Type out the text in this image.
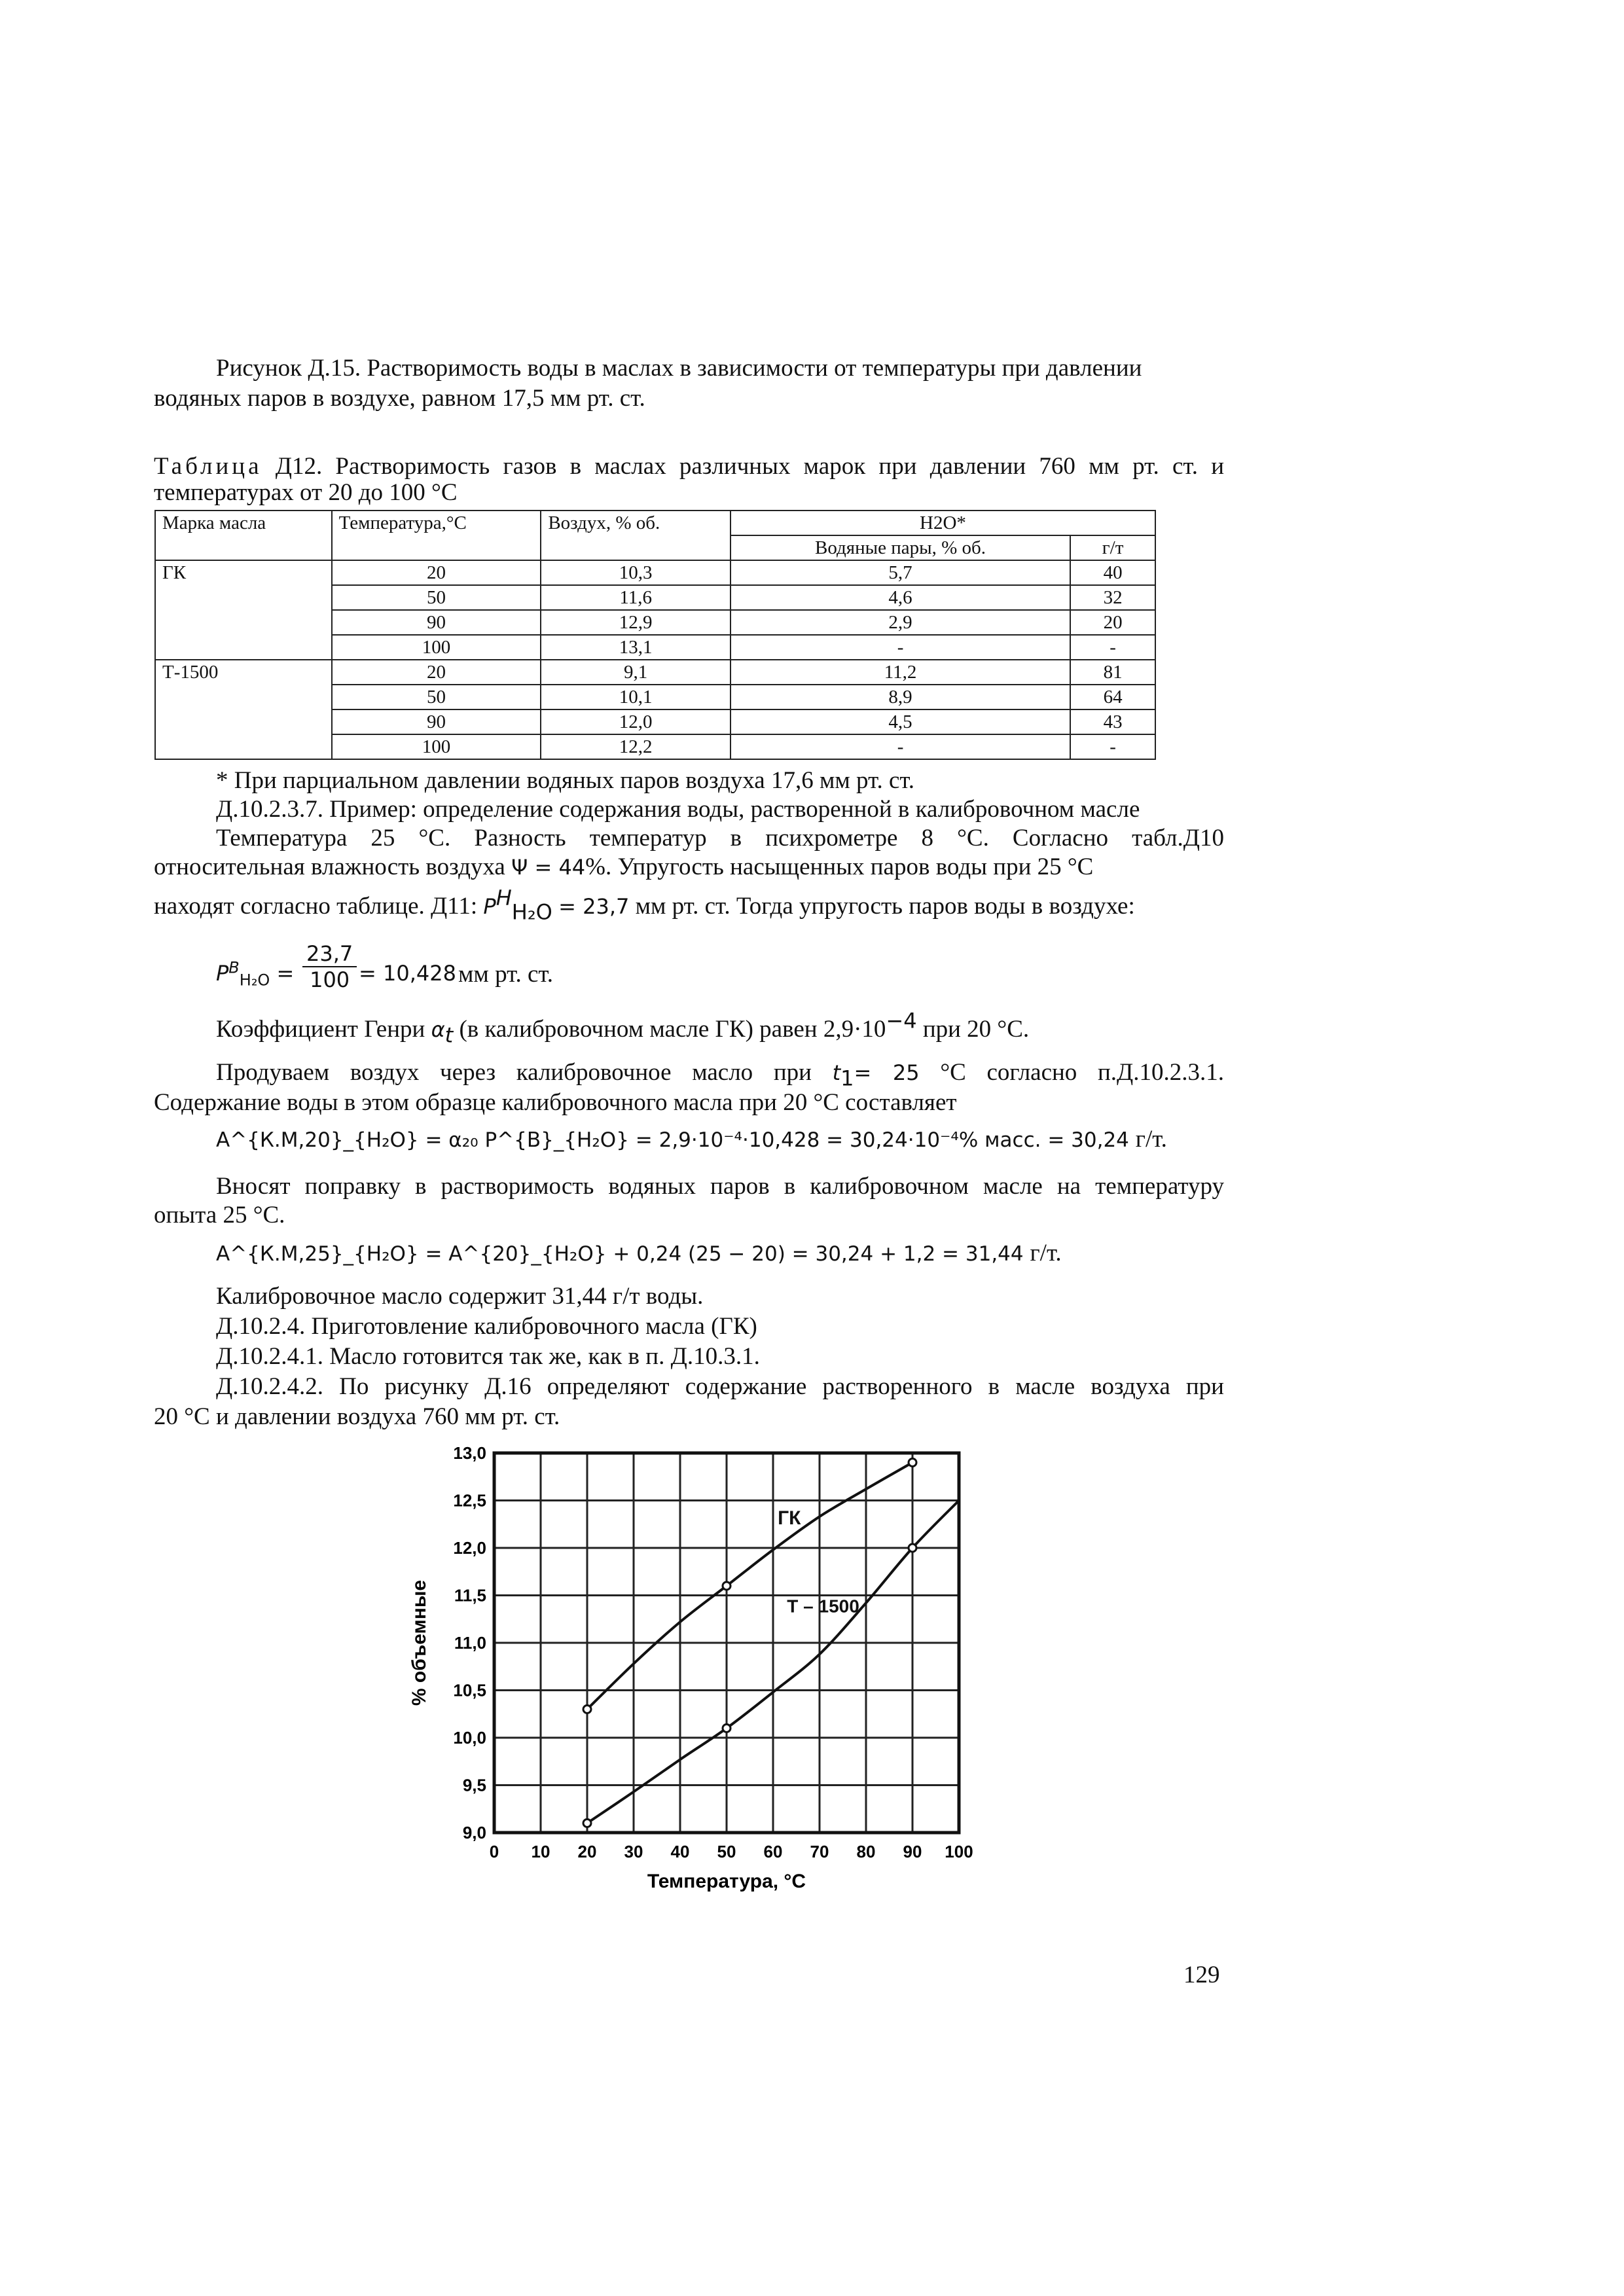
Рисунок Д.15. Растворимость воды в маслах в зависимости от температуры при давлении

водяных паров в воздухе, равном 17,5 мм рт. ст.

Таблица Д12. Растворимость газов в маслах различных марок при давлении 760 мм рт. ст. и

температурах от 20 до 100 °С

Марка масла	Температура,°С	Воздух, % об.	Н2О*	
			Водяные пары, % об.	г/т
ГК	20	10,3	5,7	40
	50	11,6	4,6	32
	90	12,9	2,9	20
	100	13,1	-	-
Т-1500	20	9,1	11,2	81
	50	10,1	8,9	64
	90	12,0	4,5	43
	100	12,2	-	-

* При парциальном давлении водяных паров воздуха 17,6 мм рт. ст.

Д.10.2.3.7. Пример: определение содержания воды, растворенной в калибровочном масле

Температура 25 °С. Разность температур в психрометре 8 °С. Согласно табл.Д10

относительная влажность воздуха Ψ = 44%. Упругость насыщенных паров воды при 25 °С

находят согласно таблице. Д11: $P^H_{H_2O} = 23,7$ мм рт. ст. Тогда упругость паров воды в воздухе:

$P^B_{H_2O} = \frac{23,7}{100} = 10,428$ мм рт. ст.

Коэффициент Генри $\alpha_t$ (в калибровочном масле ГК) равен $2,9\cdot 10^{-4}$ при 20 °С.

Продуваем воздух через калибровочное масло при $t_1= 25$ °С согласно п.Д.10.2.3.1.

Содержание воды в этом образце калибровочного масла при 20 °С составляет

A^{К.М,20}_{H₂O} = α₂₀ P^{B}_{H₂O} = 2,9·10⁻⁴·10,428 = 30,24·10⁻⁴% масс. = 30,24 г/т.

Вносят поправку в растворимость водяных паров в калибровочном масле на температуру

опыта 25 °С.

A^{К.М,25}_{H₂O} = A^{20}_{H₂O} + 0,24 (25 − 20) = 30,24 + 1,2 = 31,44 г/т.

Калибровочное масло содержит 31,44 г/т воды.

Д.10.2.4. Приготовление калибровочного масла (ГК)

Д.10.2.4.1. Масло готовится так же, как в п. Д.10.3.1.

Д.10.2.4.2. По рисунку Д.16 определяют содержание растворенного в масле воздуха при

20 °С и давлении воздуха 760 мм рт. ст.

0 10 20 30 40 50 60 70 80 90 100
9,0
9,5
10,0
10,5
11,0
11,5
12,0
12,5
13,0
ГК
Т – 1500
Температура, °С
% объемные
129
